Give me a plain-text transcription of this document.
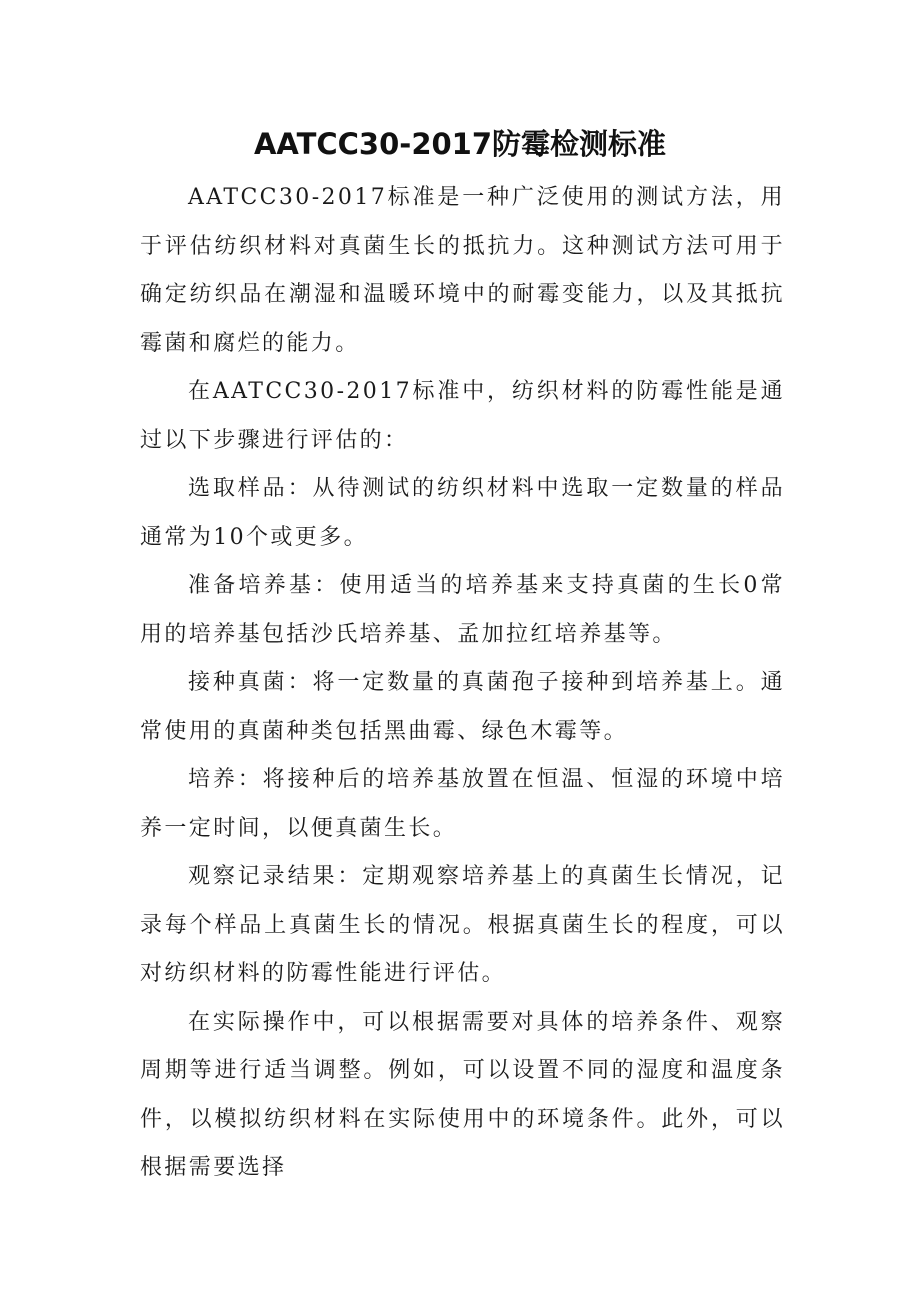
AATCC30-2017防霉检测标准

AATCC30-2017标准是一种广泛使用的测试方法，用于评估纺织材料对真菌生长的抵抗力。这种测试方法可用于确定纺织品在潮湿和温暖环境中的耐霉变能力，以及其抵抗霉菌和腐烂的能力。

在AATCC30-2017标准中，纺织材料的防霉性能是通过以下步骤进行评估的：

选取样品：从待测试的纺织材料中选取一定数量的样品通常为10个或更多。

准备培养基：使用适当的培养基来支持真菌的生长0常用的培养基包括沙氏培养基、孟加拉红培养基等。

接种真菌：将一定数量的真菌孢子接种到培养基上。通常使用的真菌种类包括黑曲霉、绿色木霉等。

培养：将接种后的培养基放置在恒温、恒湿的环境中培养一定时间，以便真菌生长。

观察记录结果：定期观察培养基上的真菌生长情况，记录每个样品上真菌生长的情况。根据真菌生长的程度，可以对纺织材料的防霉性能进行评估。

在实际操作中，可以根据需要对具体的培养条件、观察周期等进行适当调整。例如，可以设置不同的湿度和温度条件，以模拟纺织材料在实际使用中的环境条件。此外，可以根据需要选择
